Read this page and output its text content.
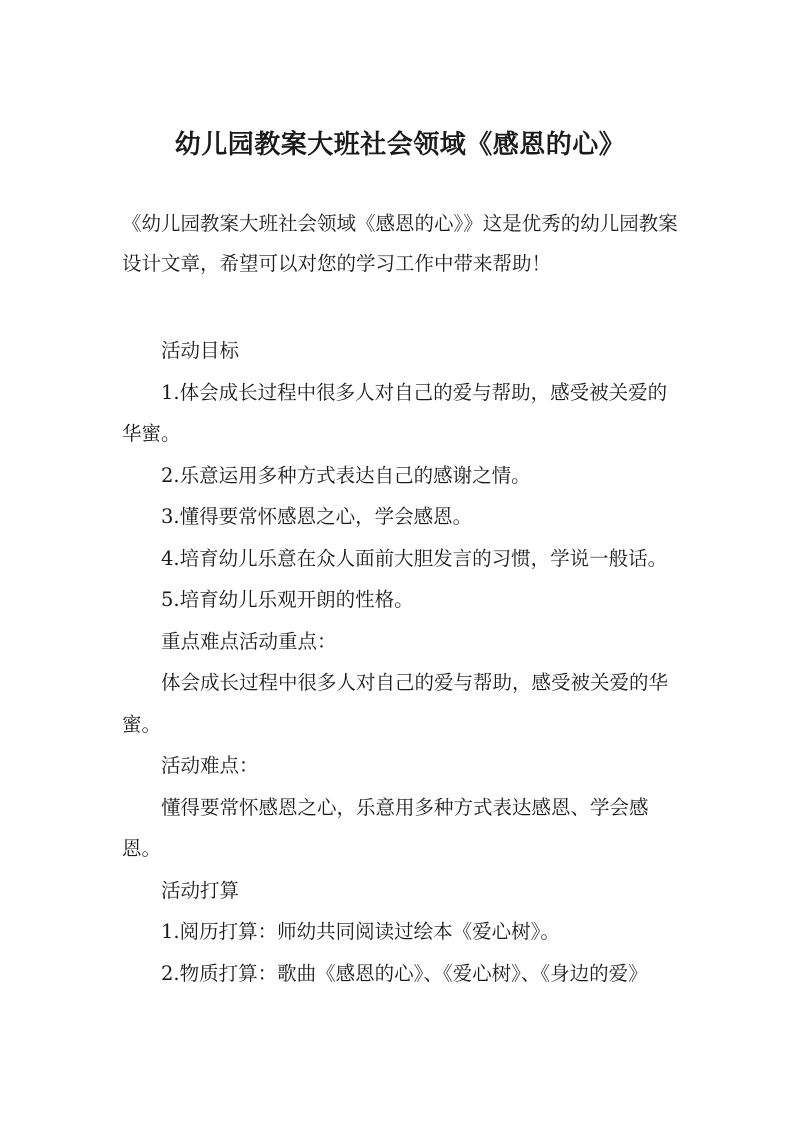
幼儿园教案大班社会领域《感恩的心》

《幼儿园教案大班社会领域《感恩的心》》这是优秀的幼儿园教案设计文章，希望可以对您的学习工作中带来帮助！

活动目标

1.体会成长过程中很多人对自己的爱与帮助，感受被关爱的华蜜。

2.乐意运用多种方式表达自己的感谢之情。

3.懂得要常怀感恩之心，学会感恩。

4.培育幼儿乐意在众人面前大胆发言的习惯，学说一般话。

5.培育幼儿乐观开朗的性格。

重点难点活动重点：

体会成长过程中很多人对自己的爱与帮助，感受被关爱的华蜜。

活动难点：

懂得要常怀感恩之心，乐意用多种方式表达感恩、学会感恩。

活动打算

1.阅历打算：师幼共同阅读过绘本《爱心树》。

2.物质打算：歌曲《感恩的心》、《爱心树》、《身边的爱》
